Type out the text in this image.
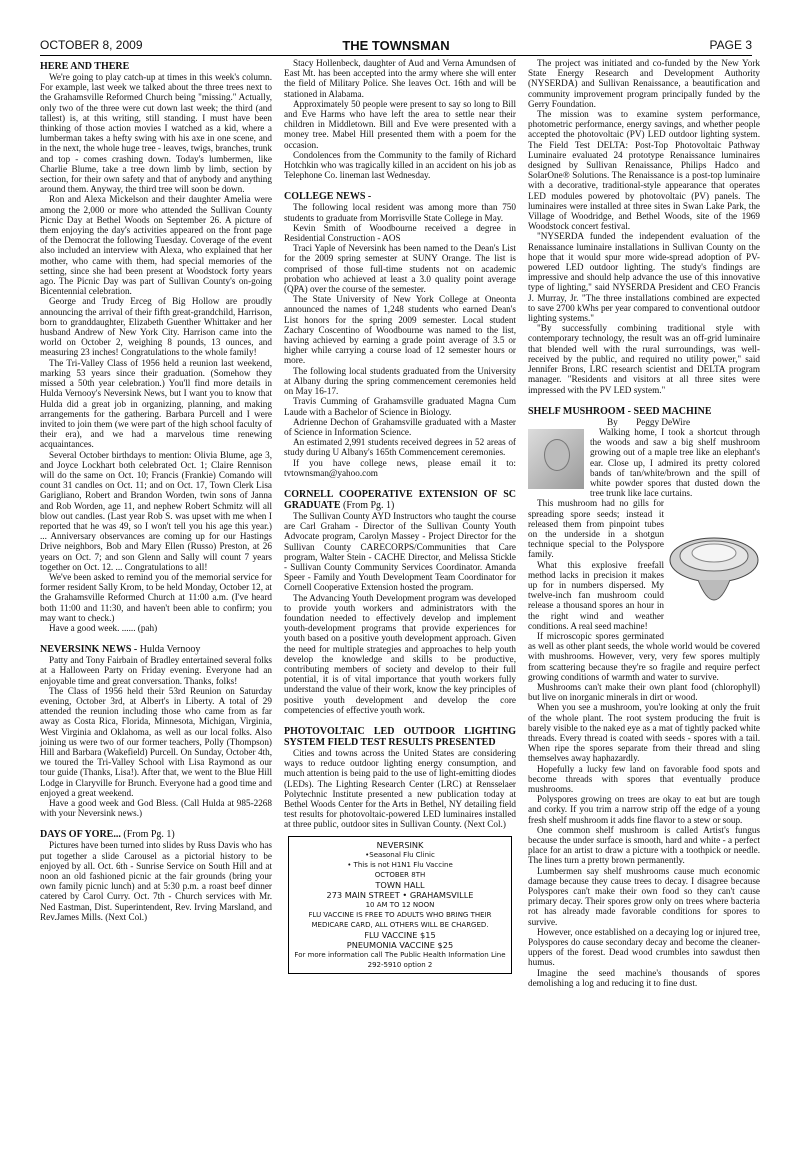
THE TOWNSMAN
OCTOBER 8, 2009	PAGE 3
HERE AND THERE

We're going to play catch-up at times in this week's column. For example, last week we talked about the three trees next to the Grahamsville Reformed Church being "missing." Actually, only two of the three were cut down last week; the third (and tallest) is, at this writing, still standing. I must have been thinking of those action movies I watched as a kid, where a lumberman takes a hefty swing with his axe in one scene, and in the next, the whole huge tree - leaves, twigs, branches, trunk and top - comes crashing down. Today's lumbermen, like Charlie Blume, take a tree down limb by limb, section by section, for their own safety and that of anybody and anything around them. Anyway, the third tree will soon be down.

Ron and Alexa Mickelson and their daughter Amelia were among the 2,000 or more who attended the Sullivan County Picnic Day at Bethel Woods on September 26. A picture of them enjoying the day's activities appeared on the front page of the Democrat the following Tuesday. Coverage of the event also included an interview with Alexa, who explained that her mother, who came with them, had special memories of the setting, since she had been present at Woodstock forty years ago. The Picnic Day was part of Sullivan County's on-going Bicentennial celebration.

George and Trudy Erceg of Big Hollow are proudly announcing the arrival of their fifth great-grandchild, Harrison, born to granddaughter, Elizabeth Guenther Whittaker and her husband Andrew of New York City. Harrison came into the world on October 2, weighing 8 pounds, 13 ounces, and measuring 23 inches! Congratulations to the whole family!

The Tri-Valley Class of 1956 held a reunion last weekend, marking 53 years since their graduation. (Somehow they missed a 50th year celebration.) You'll find more details in Hulda Vernooy's Neversink News, but I want you to know that Hulda did a great job in organizing, planning, and making arrangements for the gathering. Barbara Purcell and I were invited to join them (we were part of the high school faculty of their era), and we had a marvelous time renewing acquaintances.

Several October birthdays to mention: Olivia Blume, age 3, and Joyce Lockhart both celebrated Oct. 1; Claire Rennison will do the same on Oct. 10; Francis (Frankie) Comando will count 31 candles on Oct. 11; and on Oct. 17, Town Clerk Lisa Garigliano, Robert and Brandon Worden, twin sons of Janna and Rob Worden, age 11, and nephew Robert Schmitz will all blow out candles. (Last year Rob S. was upset with me when I reported that he was 49, so I won't tell you his age this year.) ... Anniversary observances are coming up for our Hastings Drive neighbors, Bob and Mary Ellen (Russo) Preston, at 26 years on Oct. 7; and son Glenn and Sally will count 7 years together on Oct. 12. ... Congratulations to all!

We've been asked to remind you of the memorial service for former resident Sally Krom, to be held Monday, October 12, at the Grahamsville Reformed Church at 11:00 a.m. (I've heard both 11:00 and 11:30, and haven't been able to confirm; you may want to check.)

Have a good week. ...... (pah)

NEVERSINK NEWS - Hulda Vernooy

Patty and Tony Fairbain of Bradley entertained several folks at a Halloween Party on Friday evening. Everyone had an enjoyable time and great conversation. Thanks, folks!

The Class of 1956 held their 53rd Reunion on Saturday evening, October 3rd, at Albert's in Liberty. A total of 29 attended the reunion including those who came from as far away as Costa Rica, Florida, Minnesota, Michigan, Virginia, West Virginia and Oklahoma, as well as our local folks. Also joining us were two of our former teachers, Polly (Thompson) Hill and Barbara (Wakefield) Purcell. On Sunday, October 4th, we toured the Tri-Valley School with Lisa Raymond as our tour guide (Thanks, Lisa!). After that, we went to the Blue Hill Lodge in Claryville for Brunch. Everyone had a good time and enjoyed a great weekend.

Have a good week and God Bless. (Call Hulda at 985-2268 with your Neversink news.)

DAYS OF YORE... (From Pg. 1)

Pictures have been turned into slides by Russ Davis who has put together a slide Carousel as a pictorial history to be enjoyed by all. Oct. 6th - Sunrise Service on South Hill and at noon an old fashioned picnic at the fair grounds (bring your own family picnic lunch) and at 5:30 p.m. a roast beef dinner catered by Carol Curry. Oct. 7th - Church services with Mr. Ned Eastman, Dist. Superintendent, Rev. Irving Marsland, and Rev.James Mills. (Next Col.)

Stacy Hollenbeck, daughter of Aud and Verna Amundsen of East Mt. has been accepted into the army where she will enter the field of Military Police. She leaves Oct. 16th and will be stationed in Alabama.

Approximately 50 people were present to say so long to Bill and Eve Harms who have left the area to settle near their children in Middletown. Bill and Eve were presented with a money tree. Mabel Hill presented them with a poem for the occasion.

Condolences from the Community to the family of Richard Hotchkin who was tragically killed in an accident on his job as Telephone Co. lineman last Wednesday.

COLLEGE NEWS -

The following local resident was among more than 750 students to graduate from Morrisville State College in May.

Kevin Smith of Woodbourne received a degree in Residential Construction - AOS

Traci Yaple of Neversink has been named to the Dean's List for the 2009 spring semester at SUNY Orange. The list is comprised of those full-time students not on academic probation who achieved at least a 3.0 quality point average (QPA) over the course of the semester.

The State University of New York College at Oneonta announced the names of 1,248 students who earned Dean's List honors for the spring 2009 semester. Local student Zachary Coscentino of Woodbourne was named to the list, having achieved by earning a grade point average of 3.5 or higher while carrying a course load of 12 semester hours or more.

The following local students graduated from the University at Albany during the spring commencement ceremonies held on May 16-17.

Travis Cumming of Grahamsville graduated Magna Cum Laude with a Bachelor of Science in Biology.

Adrienne Dechon of Grahamsville graduated with a Master of Science in Information Science.

An estimated 2,991 students received degrees in 52 areas of study during U Albany's 165th Commencement ceremonies.

If you have college news, please email it to: tvtownsman@yahoo.com

CORNELL COOPERATIVE EXTENSION OF SC GRADUATE (From Pg. 1)

The Sullivan County AYD Instructors who taught the course are Carl Graham - Director of the Sullivan County Youth Advocate program, Carolyn Massey - Project Director for the Sullivan County CARECORPS/Communities that Care program, Walter Stein - CACHE Director, and Melissa Stickle - Sullivan County Community Services Coordinator. Amanda Speer - Family and Youth Development Team Coordinator for Cornell Cooperative Extension hosted the program.

The Advancing Youth Development program was developed to provide youth workers and administrators with the foundation needed to effectively develop and implement youth-development programs that provide experiences for youth based on a positive youth development approach. Given the need for multiple strategies and approaches to help youth develop the knowledge and skills to be productive, contributing members of society and develop to their full potential, it is of vital importance that youth workers fully understand the value of their work, know the key principles of positive youth development and develop the core competencies of effective youth work.

PHOTOVOLTAIC LED OUTDOOR LIGHTING SYSTEM FIELD TEST RESULTS PRESENTED

Cities and towns across the United States are considering ways to reduce outdoor lighting energy consumption, and much attention is being paid to the use of light-emitting diodes (LEDs). The Lighting Research Center (LRC) at Rensselaer Polytechnic Institute presented a new publication today at Bethel Woods Center for the Arts in Bethel, NY detailing field test results for photovoltaic-powered LED luminaires installed at three public, outdoor sites in Sullivan County. (Next Col.)

NEVERSINK
•Seasonal Flu Clinic
• This is not H1N1 Flu Vaccine
OCTOBER 8TH
TOWN HALL
273 MAIN STREET • GRAHAMSVILLE
10 AM TO 12 NOON
FLU VACCINE IS FREE TO ADULTS WHO BRING THEIR MEDICARE CARD, ALL OTHERS WILL BE CHARGED.
FLU VACCINE $15
PNEUMONIA VACCINE $25
For more information call The Public Health Information Line 292-5910 option 2

The project was initiated and co-funded by the New York State Energy Research and Development Authority (NYSERDA) and Sullivan Renaissance, a beautification and community improvement program principally funded by the Gerry Foundation.

The mission was to examine system performance, photometric performance, energy savings, and whether people accepted the photovoltaic (PV) LED outdoor lighting system. The Field Test DELTA: Post-Top Photovoltaic Pathway Luminaire evaluated 24 prototype Renaissance luminaires designed by Sullivan Renaissance, Philips Hadco and SolarOne® Solutions. The Renaissance is a post-top luminaire with a decorative, traditional-style appearance that operates LED modules powered by photovoltaic (PV) panels. The luminaires were installed at three sites in Swan Lake Park, the Village of Woodridge, and Bethel Woods, site of the 1969 Woodstock concert festival.

"NYSERDA funded the independent evaluation of the Renaissance luminaire installations in Sullivan County on the hope that it would spur more wide-spread adoption of PV-powered LED outdoor lighting. The study's findings are impressive and should help advance the use of this innovative type of lighting," said NYSERDA President and CEO Francis J. Murray, Jr. "The three installations combined are expected to save 2700 kWhs per year compared to conventional outdoor lighting systems."

"By successfully combining traditional style with contemporary technology, the result was an off-grid luminaire that blended well with the rural surroundings, was well-received by the public, and required no utility power," said Jennifer Brons, LRC research scientist and DELTA program manager. "Residents and visitors at all three sites were impressed with the PV LED system."

SHELF MUSHROOM - SEED MACHINE

By Peggy DeWire

Walking home, I took a shortcut through the woods and saw a big shelf mushroom growing out of a maple tree like an elephant's ear. Close up, I admired its pretty colored bands of tan/white/brown and the spill of white powder spores that dusted down the tree trunk like lace curtains.

This mushroom had no gills for spreading spore seeds; instead it released them from pinpoint tubes on the underside in a shotgun technique special to the Polyspore family.

What this explosive freefall method lacks in precision it makes up for in numbers dispersed. My twelve-inch fan mushroom could release a thousand spores an hour in the right wind and weather conditions. A real seed machine!

If microscopic spores germinated as well as other plant seeds, the whole world would be covered with mushrooms. However, very, very few spores multiply from scattering because they're so fragile and require perfect growing conditions of warmth and water to survive.

Mushrooms can't make their own plant food (chlorophyll) but live on inorganic minerals in dirt or wood.

When you see a mushroom, you're looking at only the fruit of the whole plant. The root system producing the fruit is barely visible to the naked eye as a mat of tightly packed white threads. Every thread is coated with seeds - spores with a tail. When ripe the spores separate from their thread and sling themselves away haphazardly.

Hopefully a lucky few land on favorable food spots and become threads with spores that eventually produce mushrooms.

Polyspores growing on trees are okay to eat but are tough and corky. If you trim a narrow strip off the edge of a young fresh shelf mushroom it adds fine flavor to a stew or soup.

One common shelf mushroom is called Artist's fungus because the under surface is smooth, hard and white - a perfect place for an artist to draw a picture with a toothpick or needle. The lines turn a pretty brown permanently.

Lumbermen say shelf mushrooms cause much economic damage because they cause trees to decay. I disagree because Polyspores can't make their own food so they can't cause primary decay. Their spores grow only on trees where bacteria rot has already made favorable conditions for spores to survive.

However, once established on a decaying log or injured tree, Polyspores do cause secondary decay and become the cleaner-uppers of the forest. Dead wood crumbles into sawdust then humus.

Imagine the seed machine's thousands of spores demolishing a log and reducing it to fine dust.
